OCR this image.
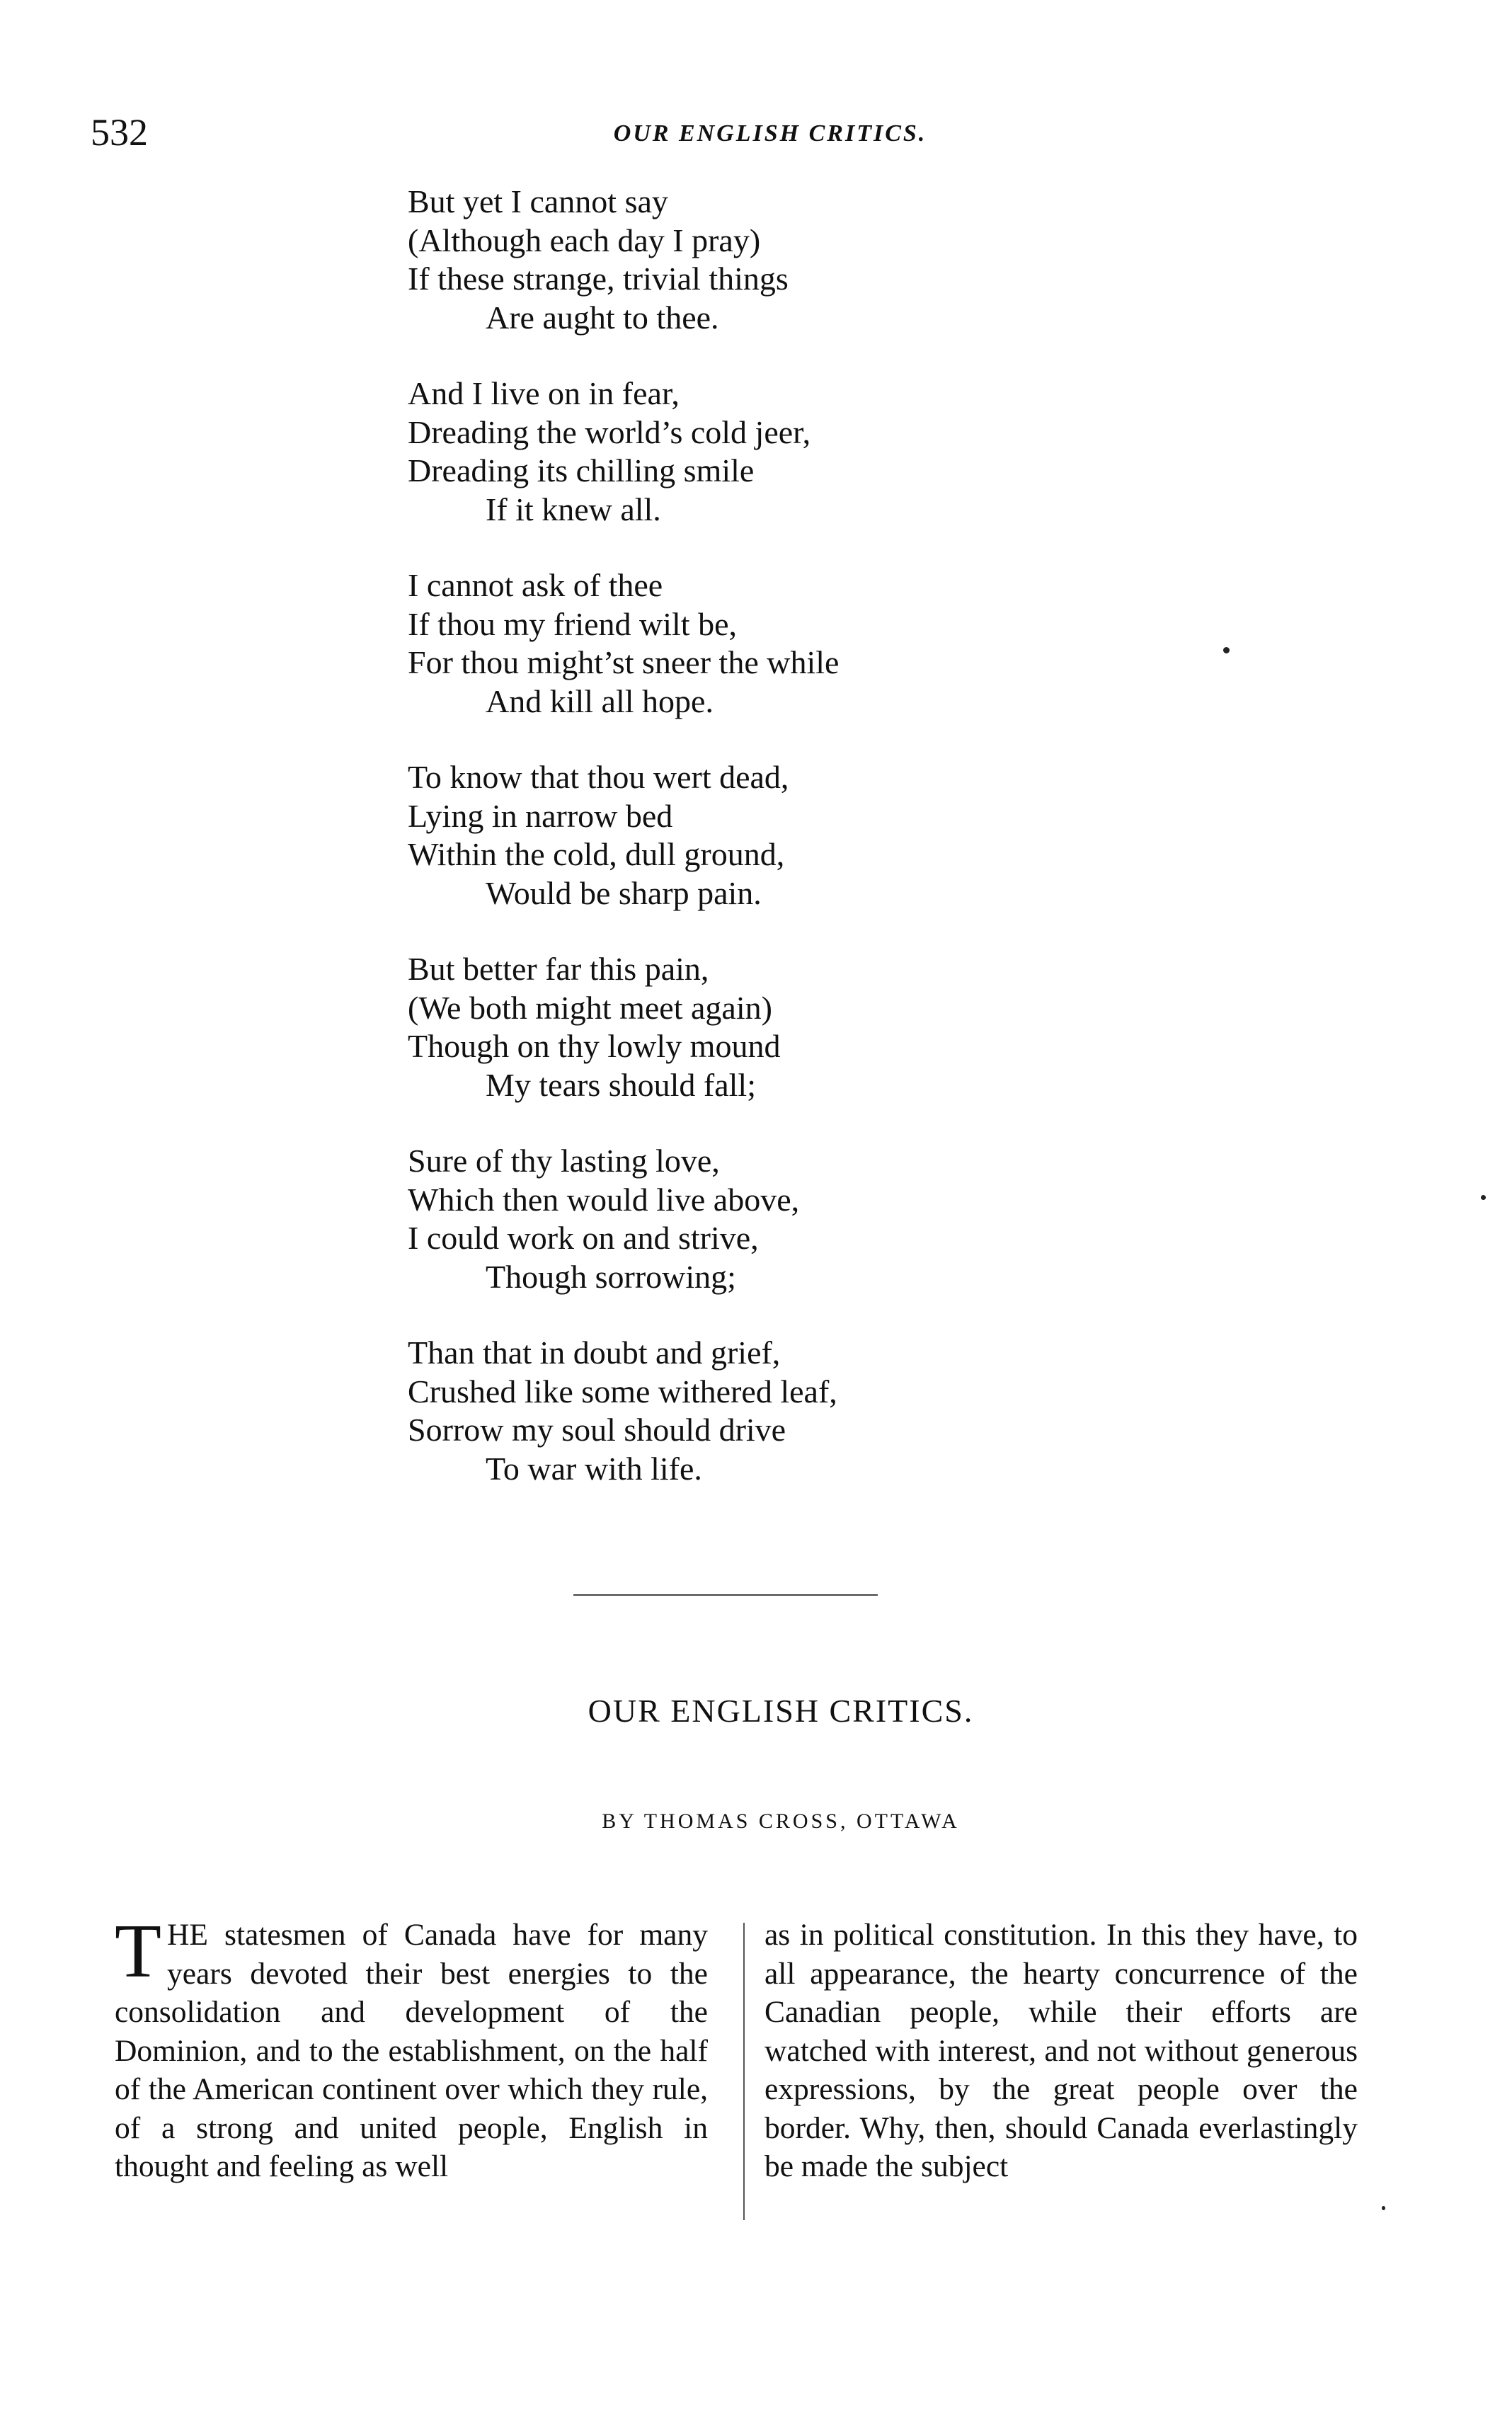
532	OUR ENGLISH CRITICS.
But yet I cannot say
(Although each day I pray)
If these strange, trivial things
Are aught to thee.
And I live on in fear,
Dreading the world’s cold jeer,
Dreading its chilling smile
If it knew all.
I cannot ask of thee
If thou my friend wilt be,
For thou might’st sneer the while
And kill all hope.
To know that thou wert dead,
Lying in narrow bed
Within the cold, dull ground,
Would be sharp pain.
But better far this pain,
(We both might meet again)
Though on thy lowly mound
My tears should fall;
Sure of thy lasting love,
Which then would live above,
I could work on and strive,
Though sorrowing;
Than that in doubt and grief,
Crushed like some withered leaf,
Sorrow my soul should drive
To war with life.
OUR ENGLISH CRITICS.
BY THOMAS CROSS, OTTAWA
THE statesmen of Canada have for many years devoted their best energies to the consolidation and development of the Dominion, and to the establishment, on the half of the American continent over which they rule, of a strong and united people, English in thought and feeling as well
as in political constitution. In this they have, to all appearance, the hearty concurrence of the Canadian people, while their efforts are watched with interest, and not without generous expressions, by the great people over the border. Why, then, should Canada everlastingly be made the subject
